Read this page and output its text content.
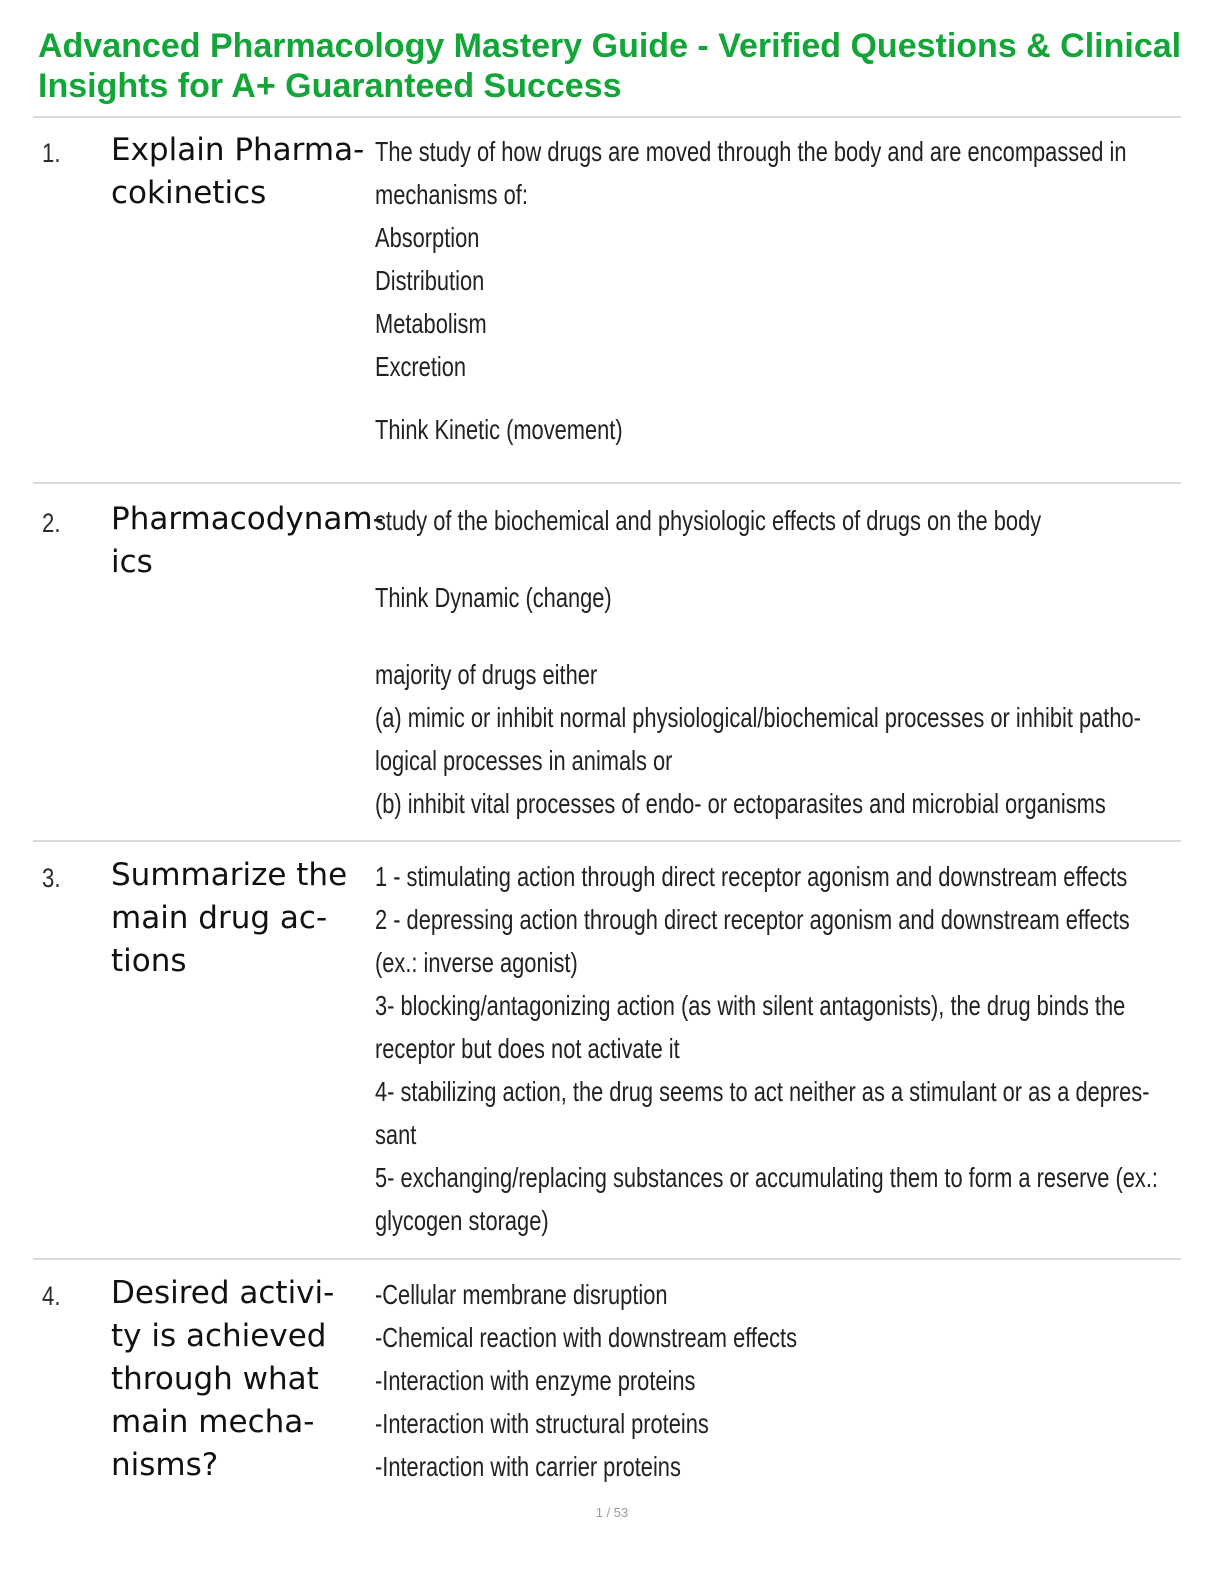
Advanced Pharmacology Mastery Guide - Verified Questions & Clinical Insights for A+ Guaranteed Success
1. Explain Pharma-
cokinetics
The study of how drugs are moved through the body and are encompassed in
mechanisms of:
Absorption
Distribution
Metabolism
Excretion
Think Kinetic (movement)
2. Pharmacodynam-
ics
study of the biochemical and physiologic effects of drugs on the body
Think Dynamic (change)
majority of drugs either
(a) mimic or inhibit normal physiological/biochemical processes or inhibit patho-
logical processes in animals or
(b) inhibit vital processes of endo- or ectoparasites and microbial organisms
3. Summarize the
main drug ac-
tions
1 - stimulating action through direct receptor agonism and downstream effects
2 - depressing action through direct receptor agonism and downstream effects
(ex.: inverse agonist)
3- blocking/antagonizing action (as with silent antagonists), the drug binds the
receptor but does not activate it
4- stabilizing action, the drug seems to act neither as a stimulant or as a depres-
sant
5- exchanging/replacing substances or accumulating them to form a reserve (ex.:
glycogen storage)
4. Desired activi-
ty is achieved
through what
main mecha-
nisms?
-Cellular membrane disruption
-Chemical reaction with downstream effects
-Interaction with enzyme proteins
-Interaction with structural proteins
-Interaction with carrier proteins
1 / 53
